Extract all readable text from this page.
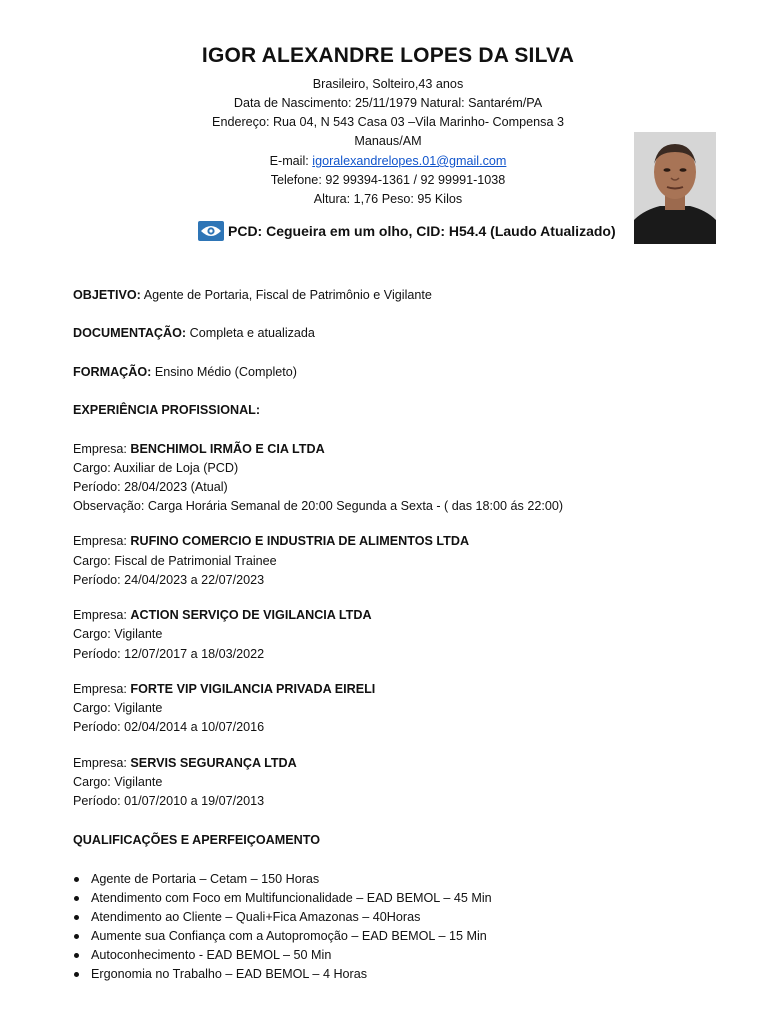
IGOR ALEXANDRE LOPES DA SILVA
Brasileiro, Solteiro,43 anos
Data de Nascimento: 25/11/1979 Natural: Santarém/PA
Endereço: Rua 04, N 543 Casa 03 –Vila Marinho- Compensa 3
Manaus/AM
E-mail: igoralexandrelopes.01@gmail.com
Telefone: 92 99394-1361 / 92 99991-1038
Altura: 1,76 Peso: 95 Kilos
PCD: Cegueira em um olho, CID: H54.4 (Laudo Atualizado)
OBJETIVO: Agente de Portaria, Fiscal de Patrimônio e Vigilante
DOCUMENTAÇÃO: Completa e atualizada
FORMAÇÃO: Ensino Médio (Completo)
EXPERIÊNCIA PROFISSIONAL:
Empresa: BENCHIMOL IRMÃO E CIA LTDA
Cargo: Auxiliar de Loja (PCD)
Período: 28/04/2023 (Atual)
Observação: Carga Horária Semanal de 20:00 Segunda a Sexta - ( das 18:00 ás 22:00)
Empresa: RUFINO COMERCIO E INDUSTRIA DE ALIMENTOS LTDA
Cargo: Fiscal de Patrimonial Trainee
Período: 24/04/2023 a 22/07/2023
Empresa: ACTION SERVIÇO DE VIGILANCIA LTDA
Cargo: Vigilante
Período: 12/07/2017 a 18/03/2022
Empresa: FORTE VIP VIGILANCIA PRIVADA EIRELI
Cargo: Vigilante
Período: 02/04/2014 a 10/07/2016
Empresa: SERVIS SEGURANÇA LTDA
Cargo: Vigilante
Período: 01/07/2010 a 19/07/2013
QUALIFICAÇÕES E APERFEIÇOAMENTO
Agente de Portaria – Cetam – 150 Horas
Atendimento com Foco em Multifuncionalidade – EAD BEMOL – 45 Min
Atendimento ao Cliente – Quali+Fica Amazonas – 40Horas
Aumente sua Confiança com a Autopromoção – EAD BEMOL – 15 Min
Autoconhecimento - EAD BEMOL – 50 Min
Ergonomia no Trabalho – EAD BEMOL – 4 Horas
